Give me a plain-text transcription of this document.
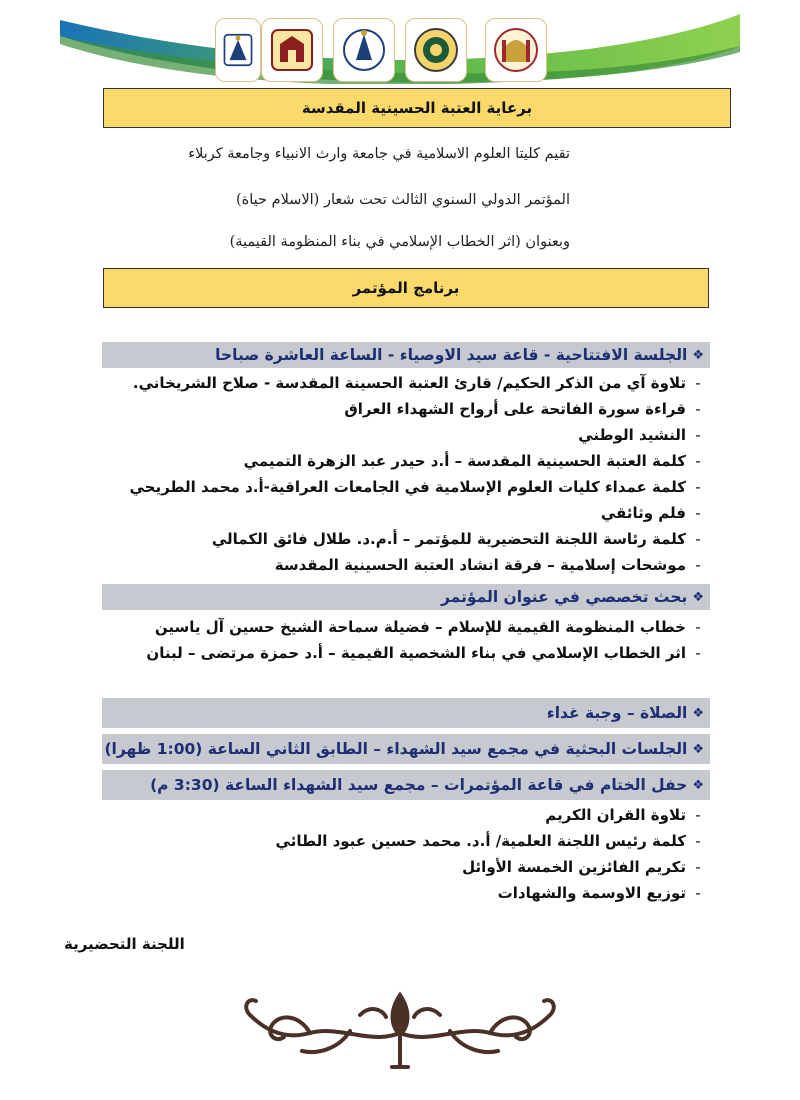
برعاية العتبة الحسينية المقدسة
تقيم كليتا العلوم الاسلامية في جامعة وارث الانبياء وجامعة كربلاء
المؤتمر الدولي السنوي الثالث تحت شعار (الاسلام حياة)
وبعنوان (اثر الخطاب الإسلامي في بناء المنظومة القيمية)
برنامج المؤتمر
❖
الجلسة الافتتاحية - قاعة سيد الاوصياء - الساعة العاشرة صباحا
-تلاوة آي من الذكر الحكيم/ قارئ العتبة الحسينة المقدسة - صلاح الشريخاني.
-قراءة سورة الفاتحة على أرواح الشهداء العراق
-النشيد الوطني
-كلمة العتبة الحسينية المقدسة – أ.د حيدر عبد الزهرة التميمي
-كلمة عمداء كليات العلوم الإسلامية في الجامعات العراقية-أ.د محمد الطريحي
-فلم وثائقي
-كلمة رئاسة اللجنة التحضيرية للمؤتمر – أ.م.د. طلال فائق الكمالي
-موشحات إسلامية – فرقة انشاد العتبة الحسينية المقدسة
❖
بحث تخصصي في عنوان المؤتمر
-خطاب المنظومة القيمية للإسلام – فضيلة سماحة الشيخ حسين آل ياسين
-اثر الخطاب الإسلامي في بناء الشخصية القيمية – أ.د حمزة مرتضى – لبنان
❖
الصلاة – وجبة غداء
❖
الجلسات البحثية في مجمع سيد الشهداء – الطابق الثاني الساعة (1:00 ظهرا)
❖
حفل الختام في قاعة المؤتمرات – مجمع سيد الشهداء الساعة (3:30 م)
-تلاوة القران الكريم
-كلمة رئيس اللجنة العلمية/ أ.د. محمد حسين عبود الطائي
-تكريم الفائزين الخمسة الأوائل
-توزيع الاوسمة والشهادات
اللجنة التحضيرية
